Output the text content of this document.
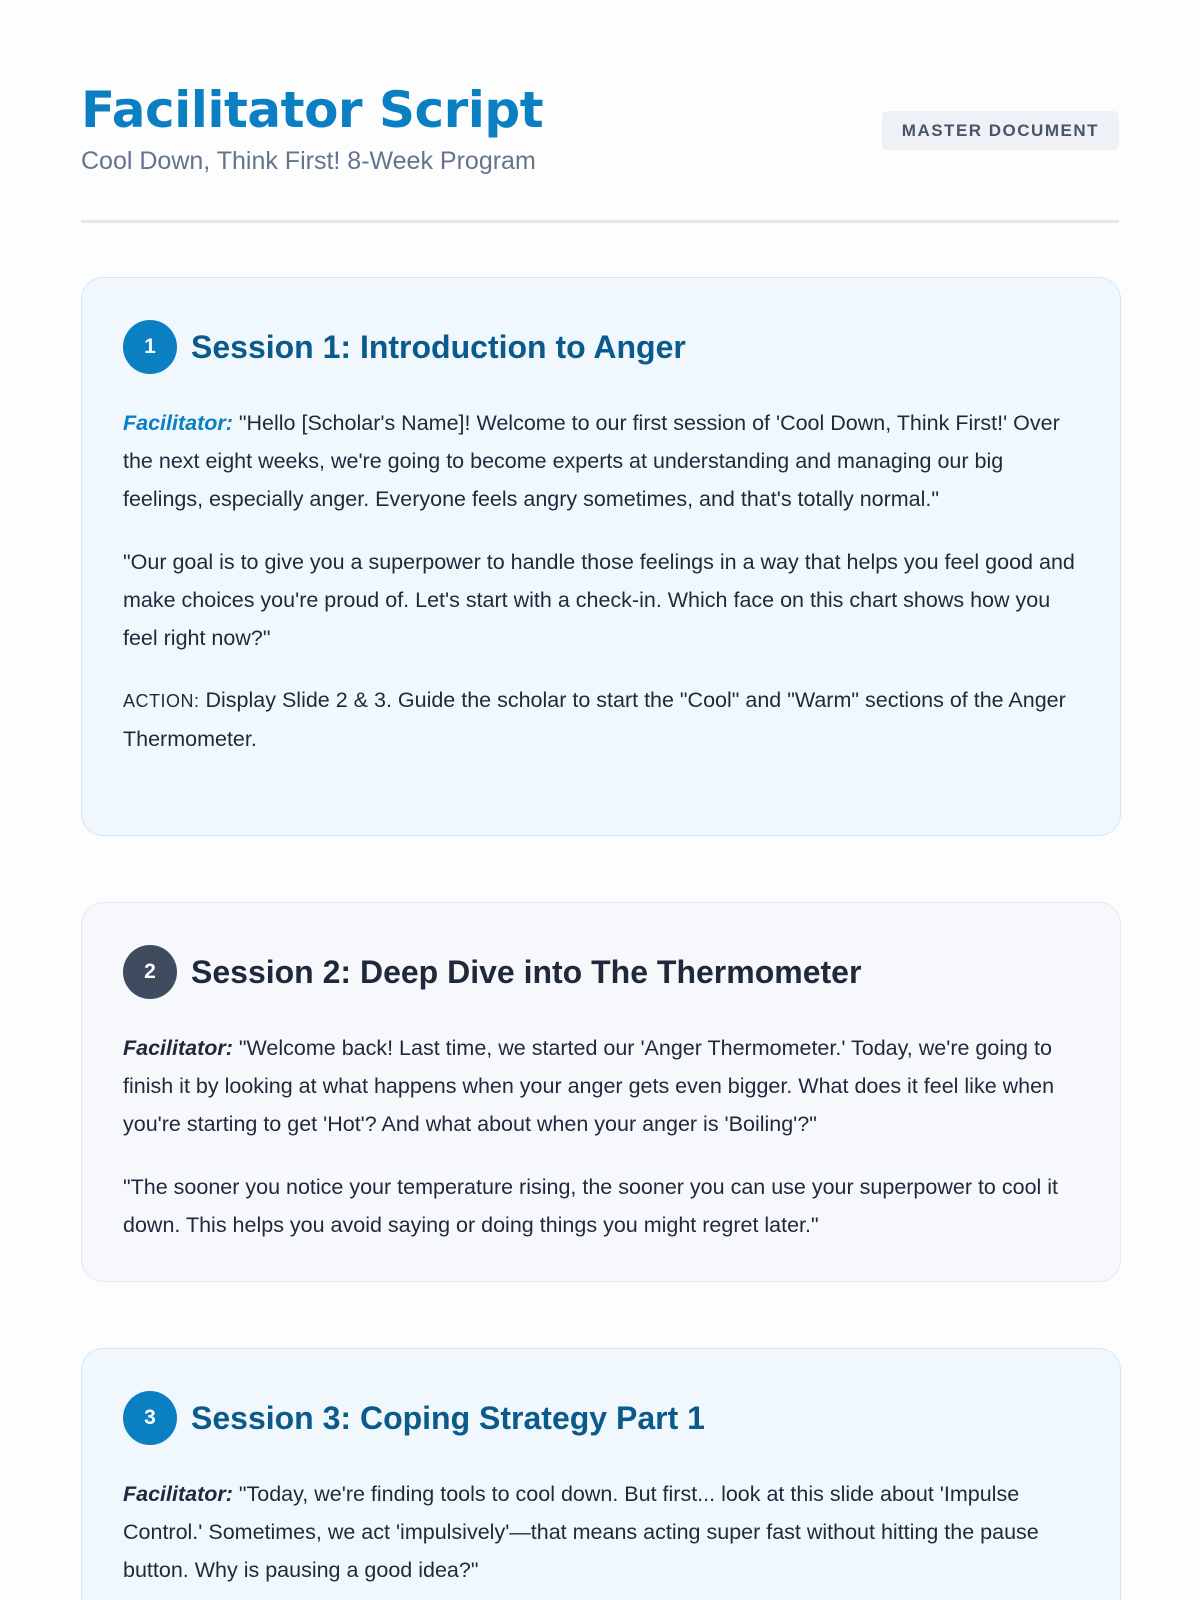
Facilitator Script
Cool Down, Think First! 8-Week Program
MASTER DOCUMENT
1	Session 1: Introduction to Anger

Facilitator: "Hello [Scholar's Name]! Welcome to our first session of 'Cool Down, Think First!' Over the next eight weeks, we're going to become experts at understanding and managing our big feelings, especially anger. Everyone feels angry sometimes, and that's totally normal."

"Our goal is to give you a superpower to handle those feelings in a way that helps you feel good and make choices you're proud of. Let's start with a check-in. Which face on this chart shows how you feel right now?"

ACTION: Display Slide 2 & 3. Guide the scholar to start the "Cool" and "Warm" sections of the Anger Thermometer.

2	Session 2: Deep Dive into The Thermometer

Facilitator: "Welcome back! Last time, we started our 'Anger Thermometer.' Today, we're going to finish it by looking at what happens when your anger gets even bigger. What does it feel like when you're starting to get 'Hot'? And what about when your anger is 'Boiling'?"

"The sooner you notice your temperature rising, the sooner you can use your superpower to cool it down. This helps you avoid saying or doing things you might regret later."

3	Session 3: Coping Strategy Part 1

Facilitator: "Today, we're finding tools to cool down. But first... look at this slide about 'Impulse Control.' Sometimes, we act 'impulsively'—that means acting super fast without hitting the pause button. Why is pausing a good idea?"
